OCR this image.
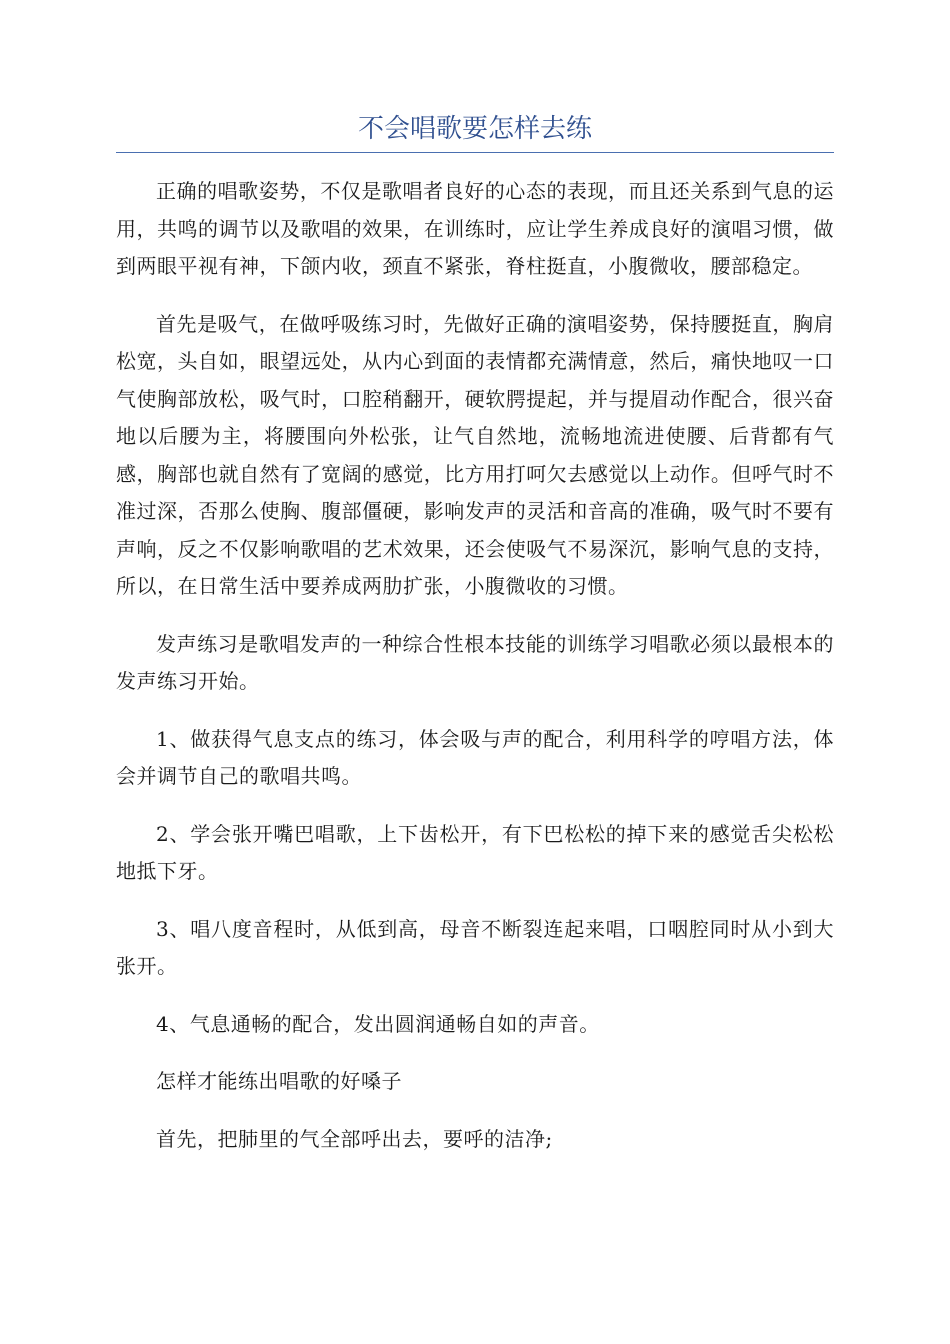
不会唱歌要怎样去练

正确的唱歌姿势，不仅是歌唱者良好的心态的表现，而且还关系到气息的运用，共鸣的调节以及歌唱的效果，在训练时，应让学生养成良好的演唱习惯，做到两眼平视有神，下颌内收，颈直不紧张，脊柱挺直，小腹微收，腰部稳定。

首先是吸气，在做呼吸练习时，先做好正确的演唱姿势，保持腰挺直，胸肩松宽，头自如，眼望远处，从内心到面的表情都充满情意，然后，痛快地叹一口气使胸部放松，吸气时，口腔稍翻开，硬软腭提起，并与提眉动作配合，很兴奋地以后腰为主，将腰围向外松张，让气自然地，流畅地流进使腰、后背都有气感，胸部也就自然有了宽阔的感觉，比方用打呵欠去感觉以上动作。但呼气时不准过深，否那么使胸、腹部僵硬，影响发声的灵活和音高的准确，吸气时不要有声响，反之不仅影响歌唱的艺术效果，还会使吸气不易深沉，影响气息的支持，所以，在日常生活中要养成两肋扩张，小腹微收的习惯。

发声练习是歌唱发声的一种综合性根本技能的训练学习唱歌必须以最根本的发声练习开始。

1、做获得气息支点的练习，体会吸与声的配合，利用科学的哼唱方法，体会并调节自己的歌唱共鸣。

2、学会张开嘴巴唱歌，上下齿松开，有下巴松松的掉下来的感觉舌尖松松地抵下牙。

3、唱八度音程时，从低到高，母音不断裂连起来唱，口咽腔同时从小到大张开。

4、气息通畅的配合，发出圆润通畅自如的声音。

怎样才能练出唱歌的好嗓子

首先，把肺里的气全部呼出去，要呼的洁净;
